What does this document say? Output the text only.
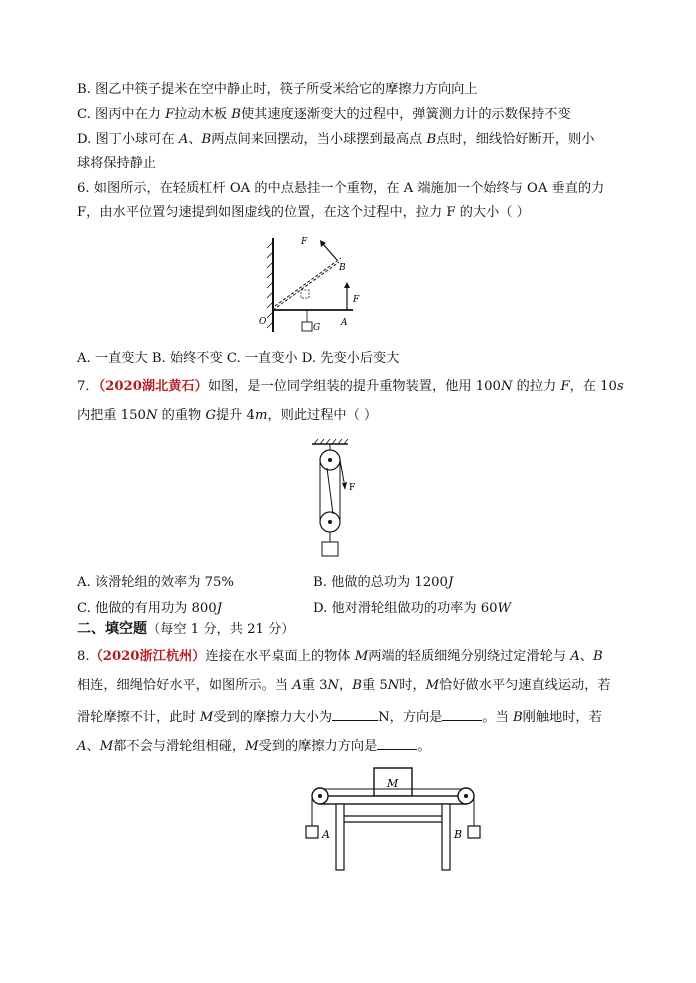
B. 图乙中筷子提米在空中静止时，筷子所受米给它的摩擦力方向向上
C. 图丙中在力 F拉动木板 B使其速度逐渐变大的过程中，弹簧测力计的示数保持不变
D. 图丁小球可在 A、B两点间来回摆动，当小球摆到最高点 B点时，细线恰好断开，则小
球将保持静止
6. 如图所示，在轻质杠杆 OA 的中点悬挂一个重物，在 A 端施加一个始终与 OA 垂直的力
F，由水平位置匀速提到如图虚线的位置，在这个过程中，拉力 F 的大小（ ）
F
B
F
O
G A
A. 一直变大 B. 始终不变 C. 一直变小 D. 先变小后变大
7．（2020湖北黄石）如图，是一位同学组装的提升重物装置，他用 100N 的拉力 F，在 10s
内把重 150N 的重物 G提升 4m，则此过程中（ ）
F
A. 该滑轮组的效率为 75%	B. 他做的总功为 1200J
C. 他做的有用功为 800J	D. 他对滑轮组做功的功率为 60W
二、填空题（每空 1 分，共 21 分）
8.（2020浙江杭州）连接在水平桌面上的物体 M两端的轻质细绳分别绕过定滑轮与 A、B
相连，细绳恰好水平，如图所示。当 A重 3N，B重 5N时，M恰好做水平匀速直线运动，若
滑轮摩擦不计，此时 M受到的摩擦力大小为	N，方向是	。当 B刚触地时，若
A、M都不会与滑轮组相碰，M受到的摩擦力方向是	。
M
A	B
